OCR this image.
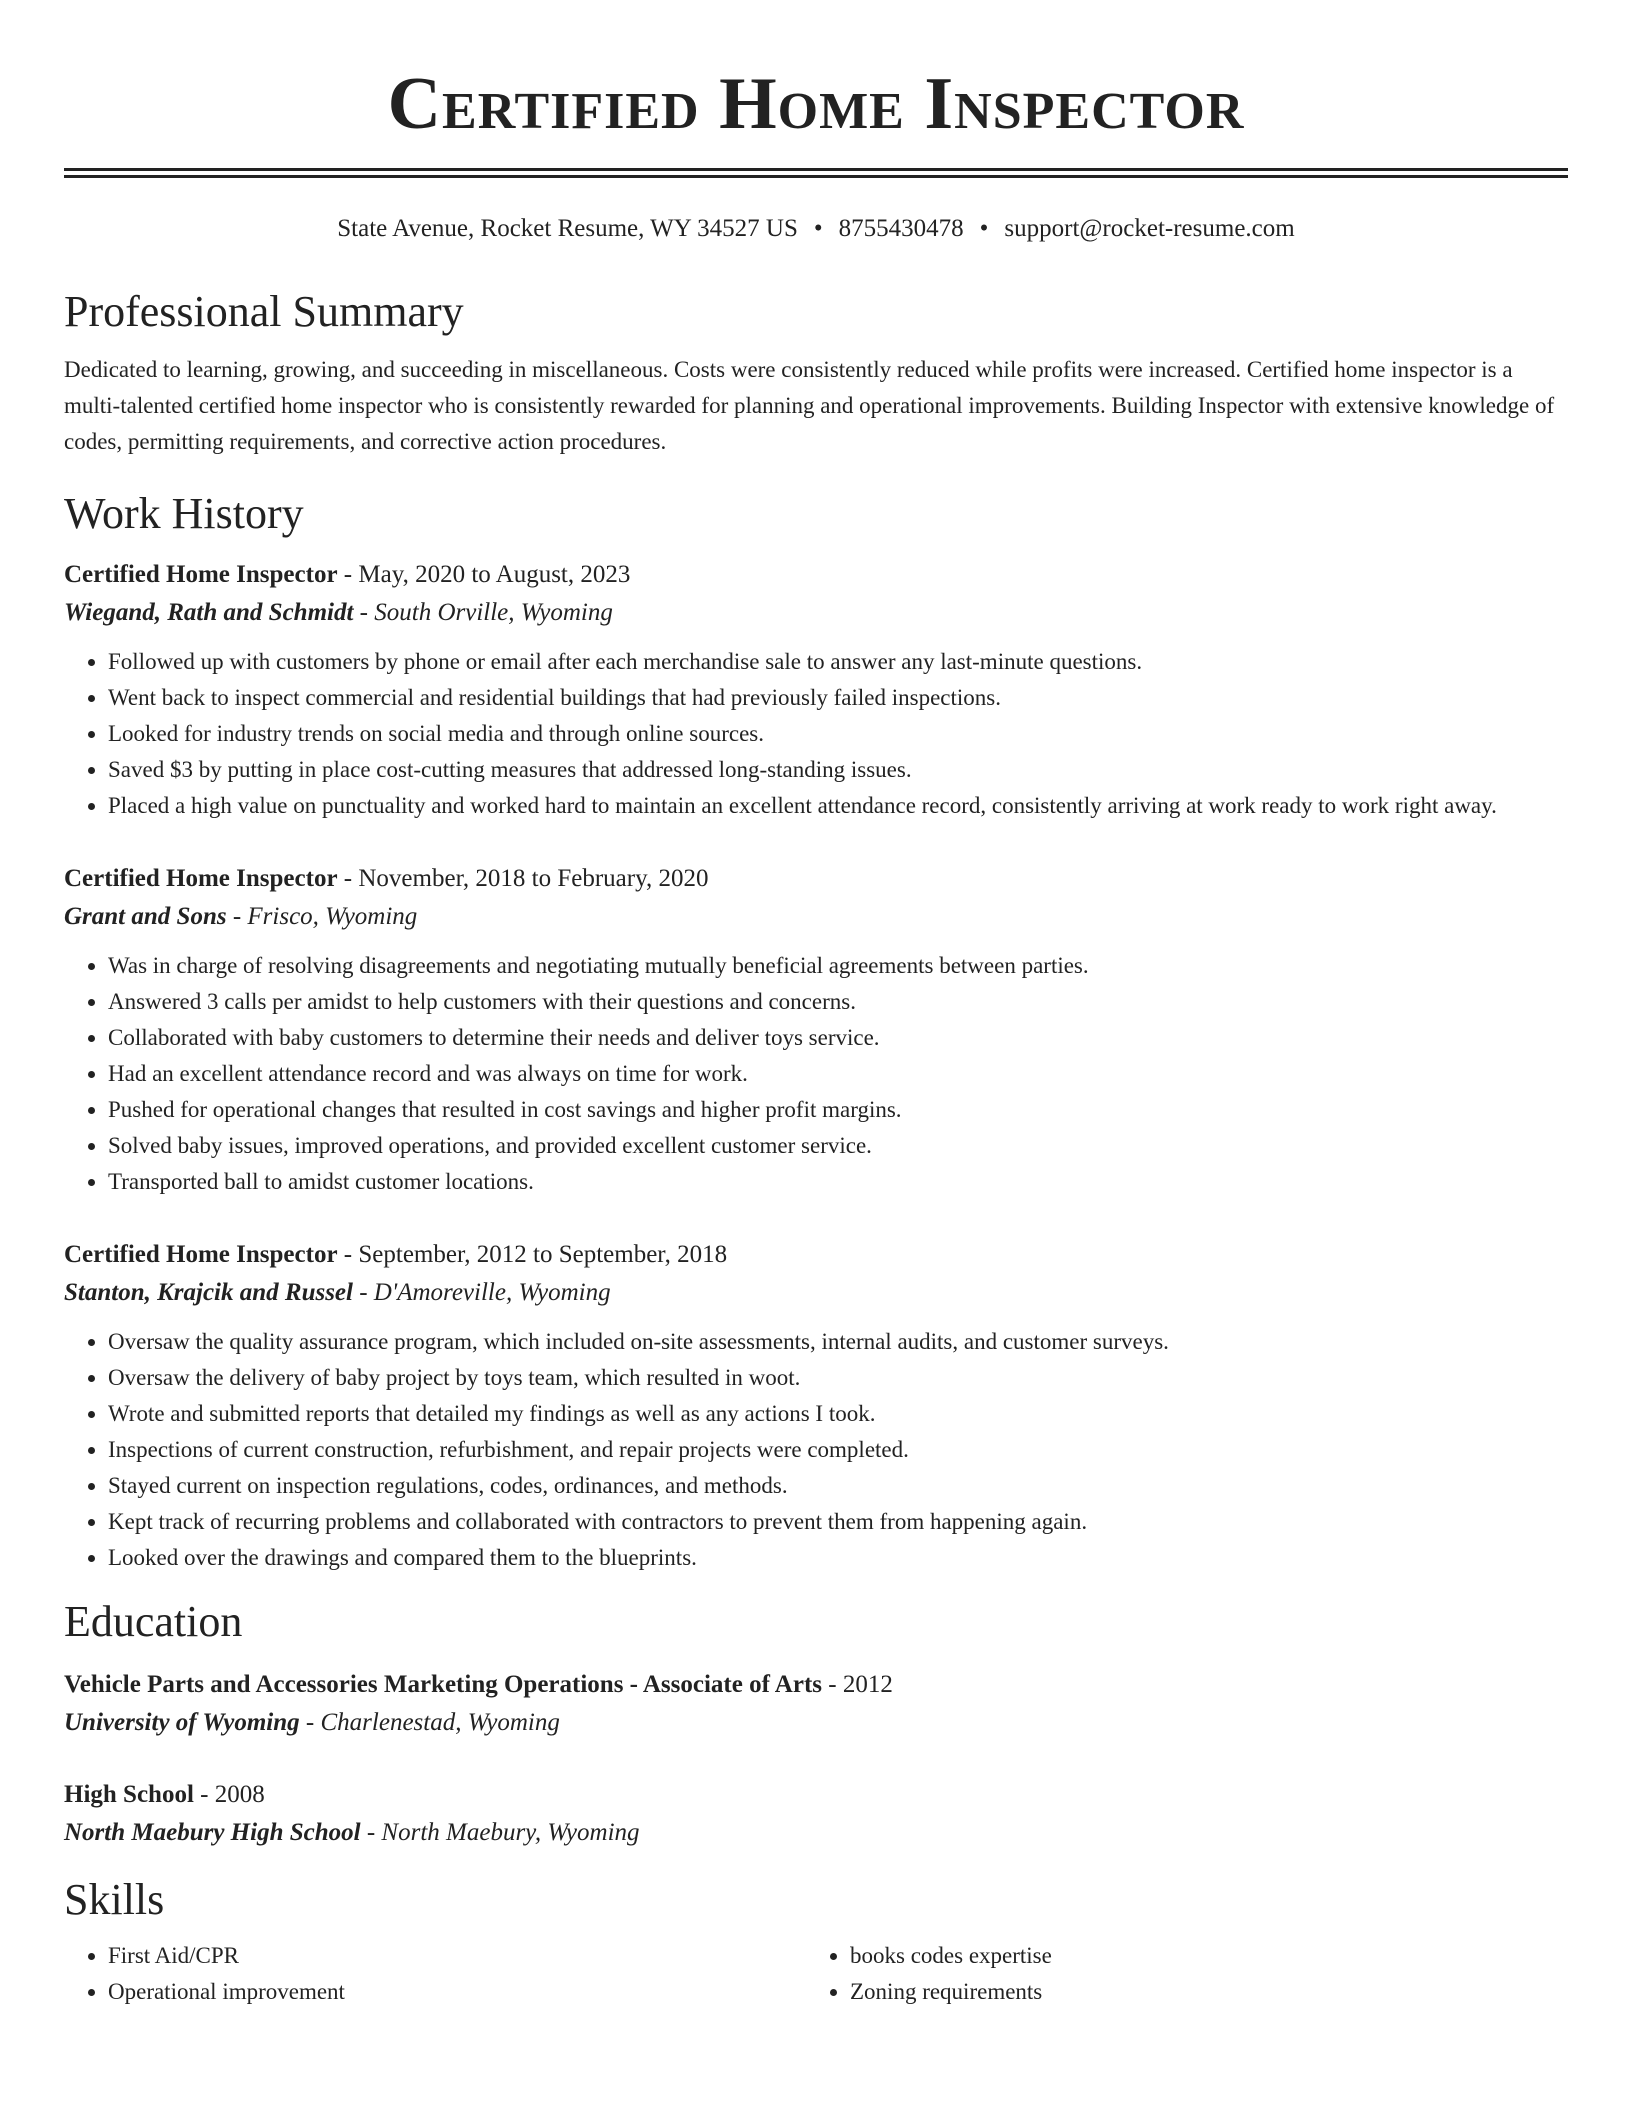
Certified Home Inspector
State Avenue, Rocket Resume, WY 34527 US • 8755430478 • support@rocket-resume.com
Professional Summary

Dedicated to learning, growing, and succeeding in miscellaneous. Costs were consistently reduced while profits were increased. Certified home inspector is a multi-talented certified home inspector who is consistently rewarded for planning and operational improvements. Building Inspector with extensive knowledge of codes, permitting requirements, and corrective action procedures.

Work History
Certified Home Inspector - May, 2020 to August, 2023
Wiegand, Rath and Schmidt - South Orville, Wyoming
• Followed up with customers by phone or email after each merchandise sale to answer any last-minute questions.
• Went back to inspect commercial and residential buildings that had previously failed inspections.
• Looked for industry trends on social media and through online sources.
• Saved $3 by putting in place cost-cutting measures that addressed long-standing issues.
• Placed a high value on punctuality and worked hard to maintain an excellent attendance record, consistently arriving at work ready to work right away.
Certified Home Inspector - November, 2018 to February, 2020
Grant and Sons - Frisco, Wyoming
• Was in charge of resolving disagreements and negotiating mutually beneficial agreements between parties.
• Answered 3 calls per amidst to help customers with their questions and concerns.
• Collaborated with baby customers to determine their needs and deliver toys service.
• Had an excellent attendance record and was always on time for work.
• Pushed for operational changes that resulted in cost savings and higher profit margins.
• Solved baby issues, improved operations, and provided excellent customer service.
• Transported ball to amidst customer locations.
Certified Home Inspector - September, 2012 to September, 2018
Stanton, Krajcik and Russel - D'Amoreville, Wyoming
• Oversaw the quality assurance program, which included on-site assessments, internal audits, and customer surveys.
• Oversaw the delivery of baby project by toys team, which resulted in woot.
• Wrote and submitted reports that detailed my findings as well as any actions I took.
• Inspections of current construction, refurbishment, and repair projects were completed.
• Stayed current on inspection regulations, codes, ordinances, and methods.
• Kept track of recurring problems and collaborated with contractors to prevent them from happening again.
• Looked over the drawings and compared them to the blueprints.
Education
Vehicle Parts and Accessories Marketing Operations - Associate of Arts - 2012
University of Wyoming - Charlenestad, Wyoming
High School - 2008
North Maebury High School - North Maebury, Wyoming
Skills
• First Aid/CPR
• Operational improvement
• books codes expertise
• Zoning requirements
